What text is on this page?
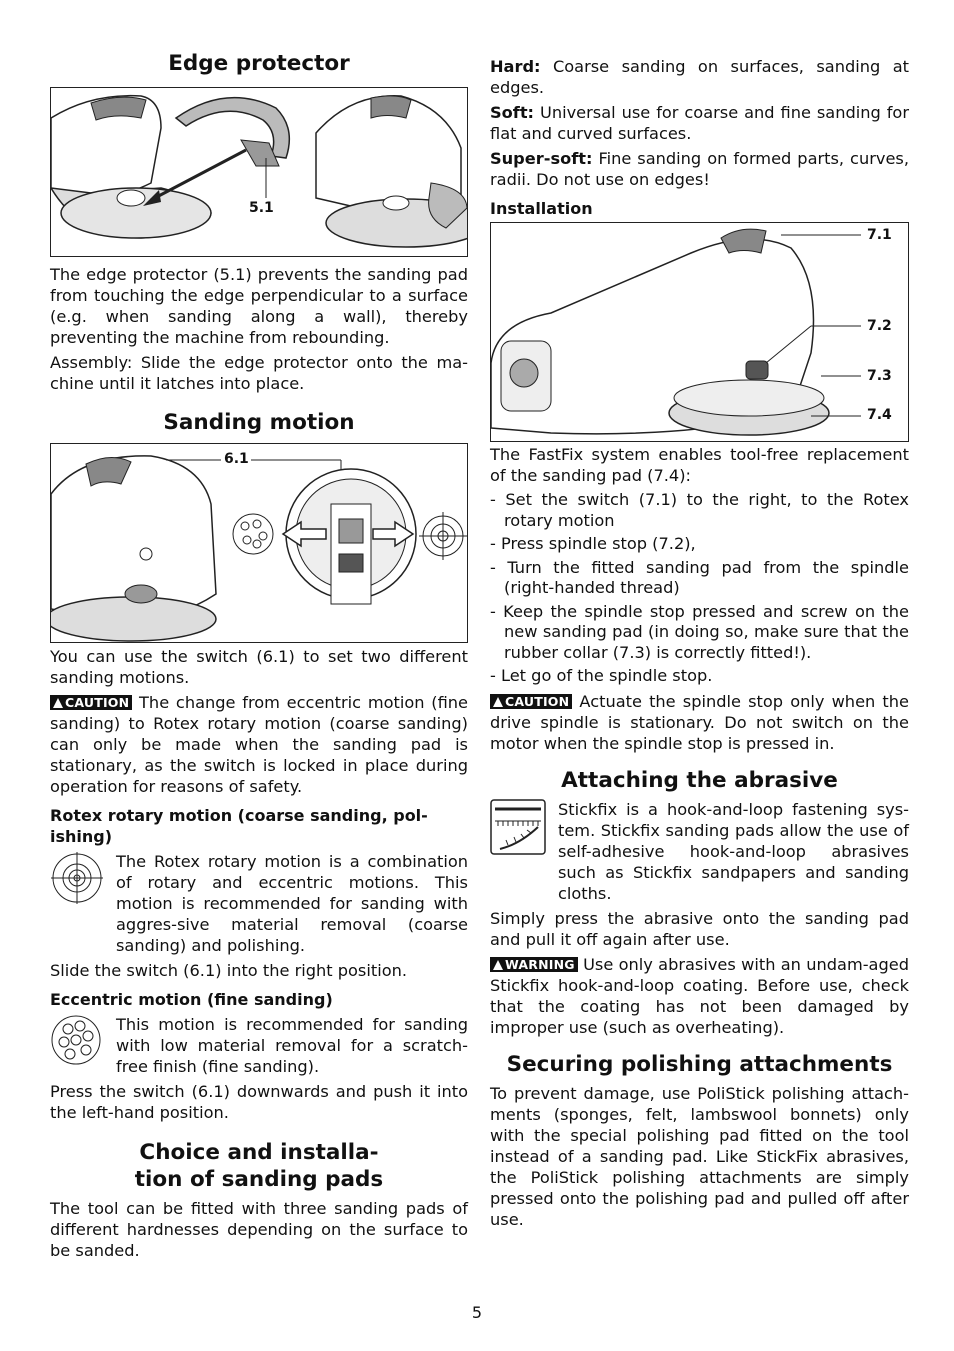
Edge protector
5.1

The edge protector (5.1) prevents the sanding pad from touching the edge perpendicular to a surface (e.g. when sanding along a wall), thereby preventing the machine from rebounding.

Assembly: Slide the edge protector onto the ma-chine until it latches into place.

Sanding motion
6.1

You can use the switch (6.1) to set two different sanding motions.

CAUTION The change from eccentric motion (fine sanding) to Rotex rotary motion (coarse sanding) can only be made when the sanding pad is stationary, as the switch is locked in place during operation for reasons of safety.

Rotex rotary motion (coarse sanding, pol-ishing)

The Rotex rotary motion is a combination of rotary and eccentric motions. This motion is recommended for sanding with aggres-sive material removal (coarse sanding) and polishing.

Slide the switch (6.1) into the right position.

Eccentric motion (fine sanding)

This motion is recommended for sanding with low material removal for a scratch-free finish (fine sanding).

Press the switch (6.1) downwards and push it into the left-hand position.

Choice and installa-
tion of sanding pads

The tool can be fitted with three sanding pads of different hardnesses depending on the surface to be sanded.

Hard: Coarse sanding on surfaces, sanding at edges.

Soft: Universal use for coarse and fine sanding for flat and curved surfaces.

Super-soft: Fine sanding on formed parts, curves, radii. Do not use on edges!

Installation
7.1
7.2
7.3
7.4

The FastFix system enables tool-free replacement of the sanding pad (7.4):

- Set the switch (7.1) to the right, to the Rotex rotary motion
- Press spindle stop (7.2),
- Turn the fitted sanding pad from the spindle (right-handed thread)
- Keep the spindle stop pressed and screw on the new sanding pad (in doing so, make sure that the rubber collar (7.3) is correctly fitted!).
- Let go of the spindle stop.

CAUTION Actuate the spindle stop only when the drive spindle is stationary. Do not switch on the motor when the spindle stop is pressed in.

Attaching the abrasive

Stickfix is a hook-and-loop fastening sys-tem. Stickfix sanding pads allow the use of self-adhesive hook-and-loop abrasives such as Stickfix sandpapers and sanding cloths.

Simply press the abrasive onto the sanding pad and pull it off again after use.

WARNING Use only abrasives with an undam-aged Stickfix hook-and-loop coating. Before use, check that the coating has not been damaged by improper use (such as overheating).

Securing polishing attachments

To prevent damage, use PoliStick polishing attach-ments (sponges, felt, lambswool bonnets) only with the special polishing pad fitted on the tool instead of a sanding pad. Like StickFix abrasives, the PoliStick polishing attachments are simply pressed onto the polishing pad and pulled off after use.

5
